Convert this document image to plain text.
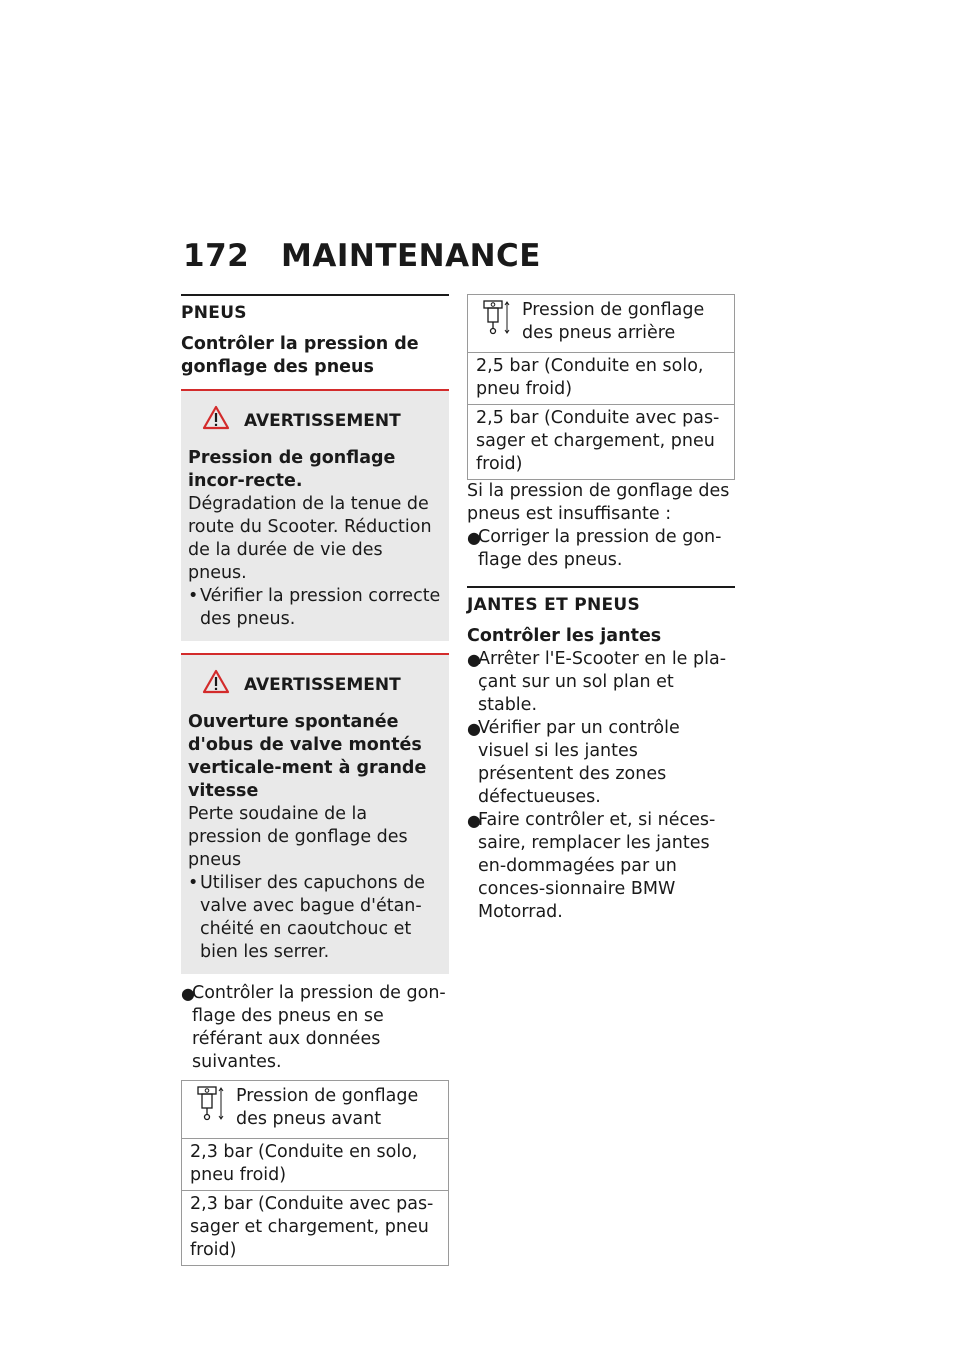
172 MAINTENANCE
PNEUS
Contrôler la pression de gonflage des pneus
AVERTISSEMENT
Pression de gonflage incor-recte.
Dégradation de la tenue de route du Scooter. Réduction de la durée de vie des pneus.
• Vérifier la pression correcte des pneus.
AVERTISSEMENT
Ouverture spontanée d'obus de valve montés verticale-ment à grande vitesse
Perte soudaine de la pression de gonflage des pneus
• Utiliser des capuchons de valve avec bague d'étan-chéité en caoutchouc et bien les serrer.
●
Contrôler la pression de gon-flage des pneus en se référant aux données suivantes.
Pression de gonflage des pneus avant

2,3 bar (Conduite en solo, pneu froid)
2,3 bar (Conduite avec pas-sager et chargement, pneu froid)
Pression de gonflage des pneus arrière

2,5 bar (Conduite en solo, pneu froid)
2,5 bar (Conduite avec pas-sager et chargement, pneu froid)
Si la pression de gonflage des pneus est insuffisante :
●
Corriger la pression de gon-flage des pneus.
JANTES ET PNEUS
Contrôler les jantes
●
Arrêter l'E-Scooter en le pla-çant sur un sol plan et stable.
●
Vérifier par un contrôle visuel si les jantes présentent des zones défectueuses.
●
Faire contrôler et, si néces-saire, remplacer les jantes en-dommagées par un conces-sionnaire BMW Motorrad.
